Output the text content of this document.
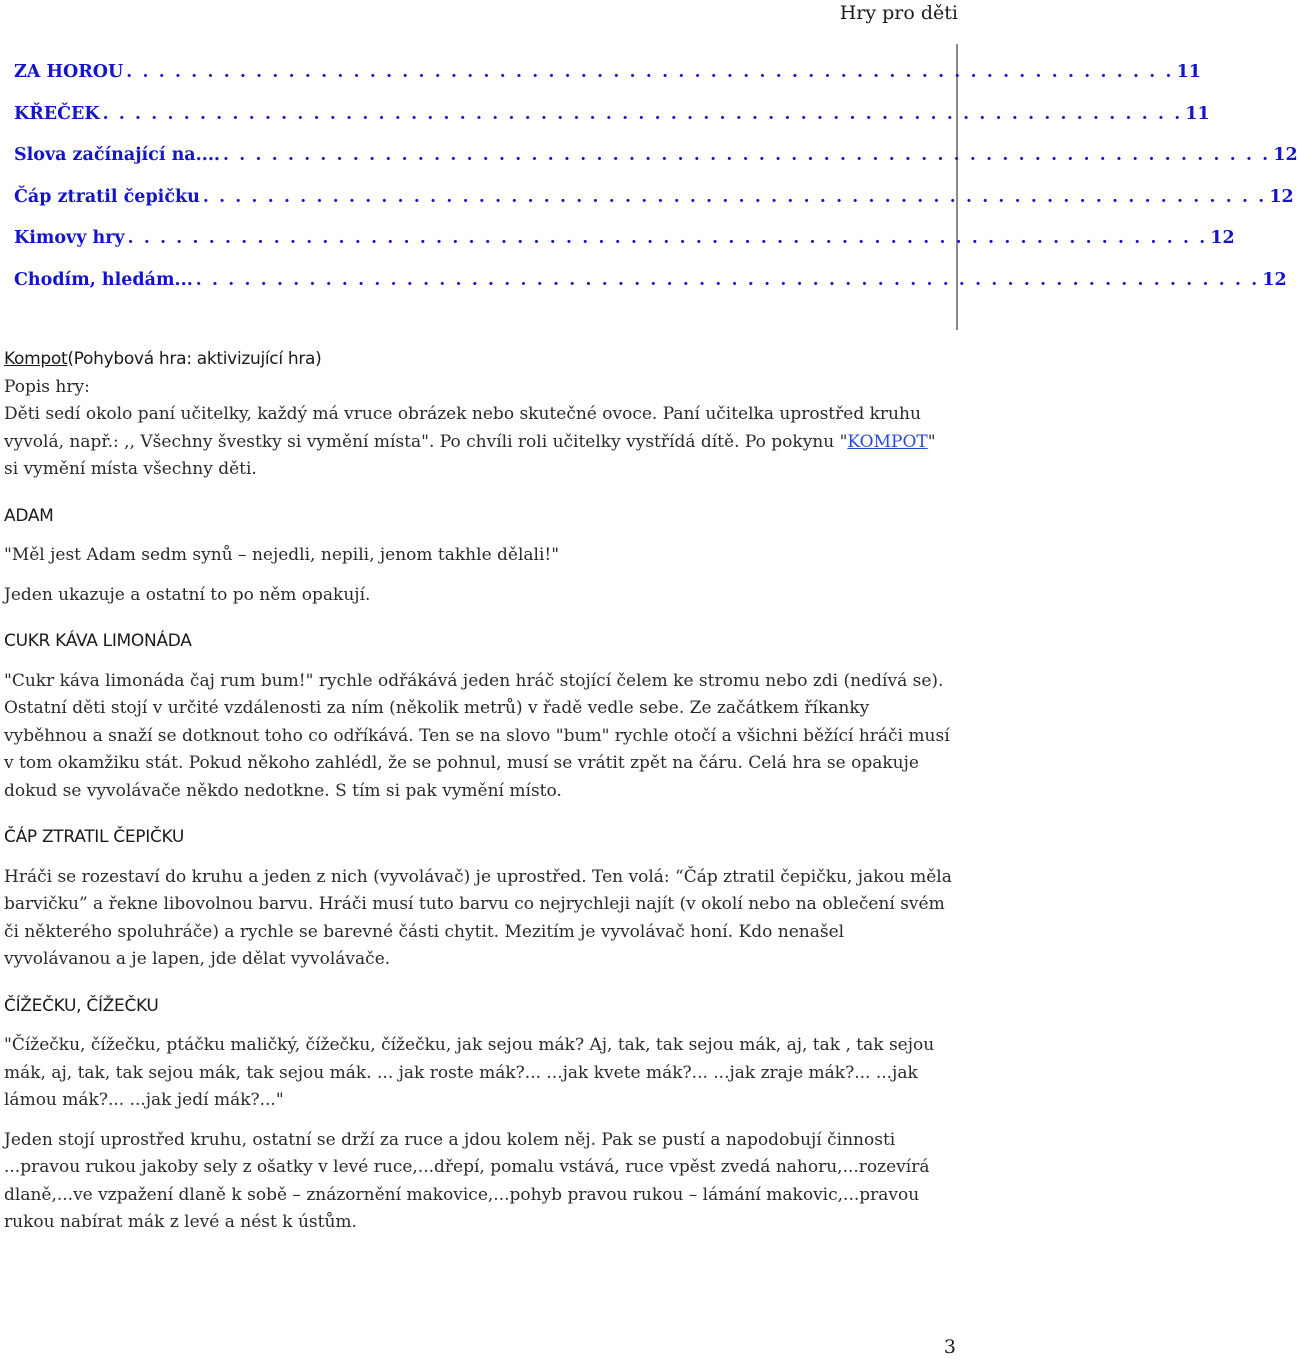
Hry pro děti
ZA HOROU . . . . . . . . . . . . . . . . . . . . . . . . . . . . . . . . . . . . . . . . . . . . . . . . . . . . . . . . . . . . . . . . . 11
KŘEČEK . . . . . . . . . . . . . . . . . . . . . . . . . . . . . . . . . . . . . . . . . . . . . . . . . . . . . . . . . . . . . . . . . . . 11
Slova začínající na.... . . . . . . . . . . . . . . . . . . . . . . . . . . . . . . . . . . . . . . . . . . . . . . . . . . . . . . . . . . . . . . . . . 12
Čáp ztratil čepičku . . . . . . . . . . . . . . . . . . . . . . . . . . . . . . . . . . . . . . . . . . . . . . . . . . . . . . . . . . . . . . . . . . 12
Kimovy hry . . . . . . . . . . . . . . . . . . . . . . . . . . . . . . . . . . . . . . . . . . . . . . . . . . . . . . . . . . . . . . . . . . . 12
Chodím, hledám... . . . . . . . . . . . . . . . . . . . . . . . . . . . . . . . . . . . . . . . . . . . . . . . . . . . . . . . . . . . . . . . . . . 12
Kompot(Pohybová hra: aktivizující hra)

Popis hry:

Děti sedí okolo paní učitelky, každý má vruce obrázek nebo skutečné ovoce. Paní učitelka uprostřed kruhu vyvolá, např.: ,, Všechny švestky si vymění místa". Po chvíli roli učitelky vystřídá dítě. Po pokynu "KOMPOT" si vymění místa všechny děti.

ADAM

"Měl jest Adam sedm synů – nejedli, nepili, jenom takhle dělali!"

Jeden ukazuje a ostatní to po něm opakují.

CUKR KÁVA LIMONÁDA

"Cukr káva limonáda čaj rum bum!" rychle odřákává jeden hráč stojící čelem ke stromu nebo zdi (nedívá se). Ostatní děti stojí v určité vzdálenosti za ním (několik metrů) v řadě vedle sebe. Ze začátkem říkanky vyběhnou a snaží se dotknout toho co odříkává. Ten se na slovo "bum" rychle otočí a všichni běžící hráči musí v tom okamžiku stát. Pokud někoho zahlédl, že se pohnul, musí se vrátit zpět na čáru. Celá hra se opakuje dokud se vyvolávače někdo nedotkne. S tím si pak vymění místo.

ČÁP ZTRATIL ČEPIČKU

Hráči se rozestaví do kruhu a jeden z nich (vyvolávač) je uprostřed. Ten volá: “Čáp ztratil čepičku, jakou měla barvičku” a řekne libovolnou barvu. Hráči musí tuto barvu co nejrychleji najít (v okolí nebo na oblečení svém či některého spoluhráče) a rychle se barevné části chytit. Mezitím je vyvolávač honí. Kdo nenašel vyvolávanou a je lapen, jde dělat vyvolávače.

ČÍŽEČKU, ČÍŽEČKU

"Čížečku, čížečku, ptáčku maličký, čížečku, čížečku, jak sejou mák? Aj, tak, tak sejou mák, aj, tak , tak sejou mák, aj, tak, tak sejou mák, tak sejou mák. ... jak roste mák?... ...jak kvete mák?... ...jak zraje mák?... ...jak lámou mák?... ...jak jedí mák?..."

Jeden stojí uprostřed kruhu, ostatní se drží za ruce a jdou kolem něj. Pak se pustí a napodobují činnosti ...pravou rukou jakoby sely z ošatky v levé ruce,...dřepí, pomalu vstává, ruce vpěst zvedá nahoru,...rozevírá dlaně,...ve vzpažení dlaně k sobě – znázornění makovice,...pohyb pravou rukou – lámání makovic,...pravou rukou nabírat mák z levé a nést k ústům.

3
